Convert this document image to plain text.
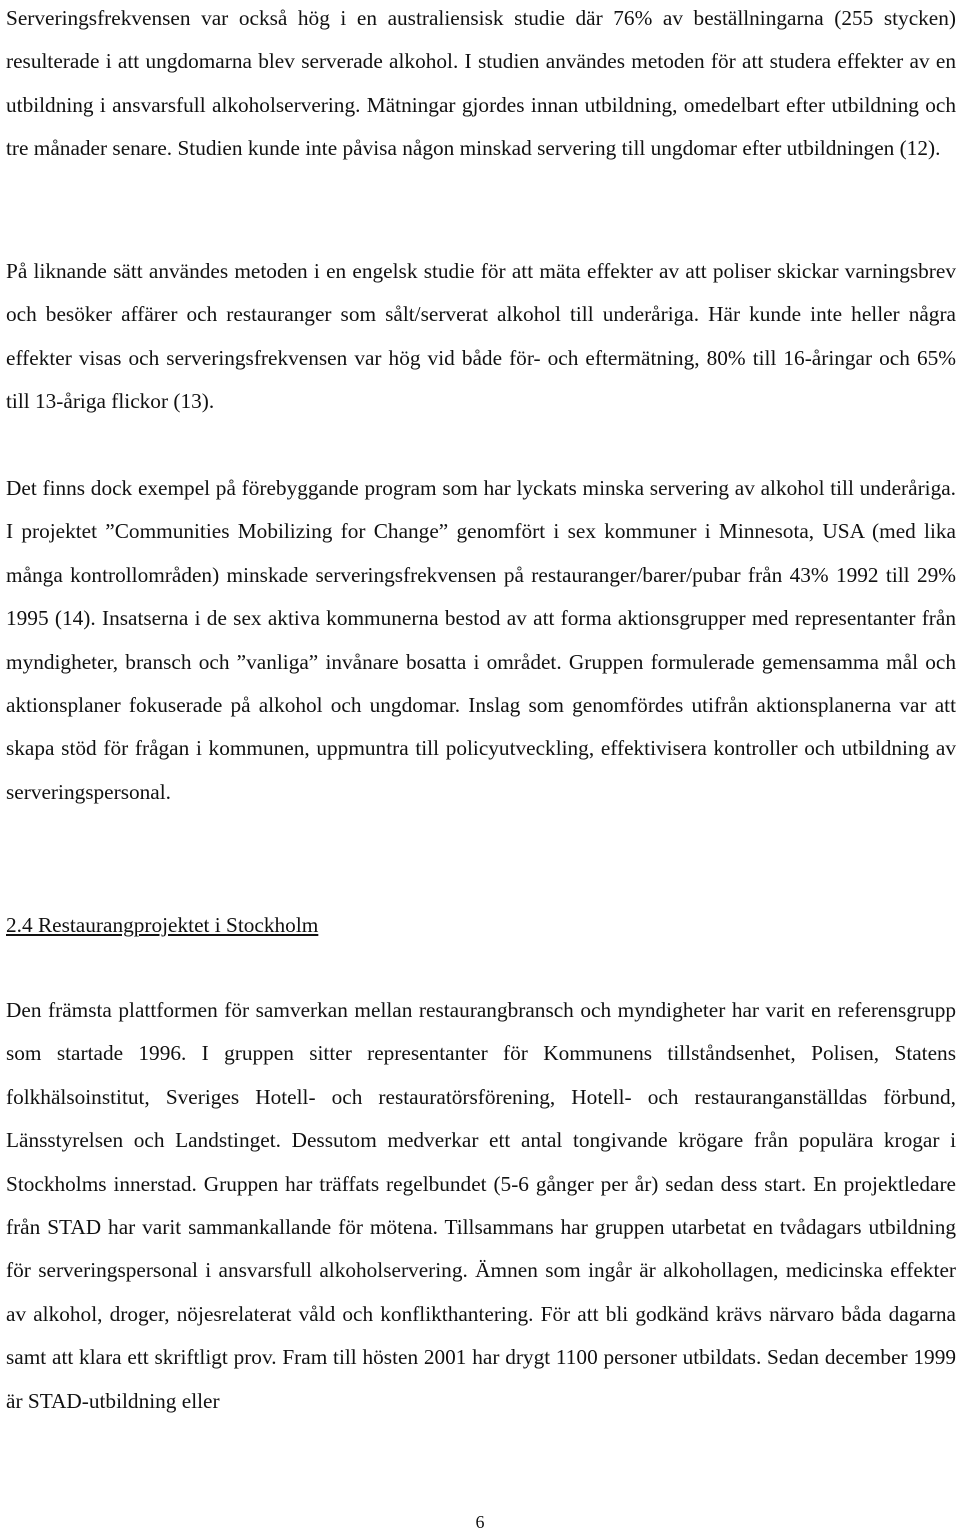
Serveringsfrekvensen var också hög i en australiensisk studie där 76% av beställningarna (255 stycken) resulterade i att ungdomarna blev serverade alkohol. I studien användes metoden för att studera effekter av en utbildning i ansvarsfull alkoholservering. Mätningar gjordes innan utbildning, omedelbart efter utbildning och tre månader senare. Studien kunde inte påvisa någon minskad servering till ungdomar efter utbildningen (12).

På liknande sätt användes metoden i en engelsk studie för att mäta effekter av att poliser skickar varningsbrev och besöker affärer och restauranger som sålt/serverat alkohol till underåriga. Här kunde inte heller några effekter visas och serveringsfrekvensen var hög vid både för- och eftermätning, 80% till 16-åringar och 65% till 13-åriga flickor (13).

Det finns dock exempel på förebyggande program som har lyckats minska servering av alkohol till underåriga. I projektet ”Communities Mobilizing for Change” genomfört i sex kommuner i Minnesota, USA (med lika många kontrollområden) minskade serveringsfrekvensen på restauranger/barer/pubar från 43% 1992 till 29% 1995 (14). Insatserna i de sex aktiva kommunerna bestod av att forma aktionsgrupper med representanter från myndigheter, bransch och ”vanliga” invånare bosatta i området. Gruppen formulerade gemensamma mål och aktionsplaner fokuserade på alkohol och ungdomar. Inslag som genomfördes utifrån aktionsplanerna var att skapa stöd för frågan i kommunen, uppmuntra till policyutveckling, effektivisera kontroller och utbildning av serveringspersonal.

2.4 Restaurangprojektet i Stockholm

Den främsta plattformen för samverkan mellan restaurangbransch och myndigheter har varit en referensgrupp som startade 1996. I gruppen sitter representanter för Kommunens tillståndsenhet, Polisen, Statens folkhälsoinstitut, Sveriges Hotell- och restauratörsförening, Hotell- och restauranganställdas förbund, Länsstyrelsen och Landstinget. Dessutom medverkar ett antal tongivande krögare från populära krogar i Stockholms innerstad. Gruppen har träffats regelbundet (5-6 gånger per år) sedan dess start. En projektledare från STAD har varit sammankallande för mötena. Tillsammans har gruppen utarbetat en tvådagars utbildning för serveringspersonal i ansvarsfull alkoholservering. Ämnen som ingår är alkohollagen, medicinska effekter av alkohol, droger, nöjesrelaterat våld och konflikthantering. För att bli godkänd krävs närvaro båda dagarna samt att klara ett skriftligt prov. Fram till hösten 2001 har drygt 1100 personer utbildats. Sedan december 1999 är STAD-utbildning eller

6
